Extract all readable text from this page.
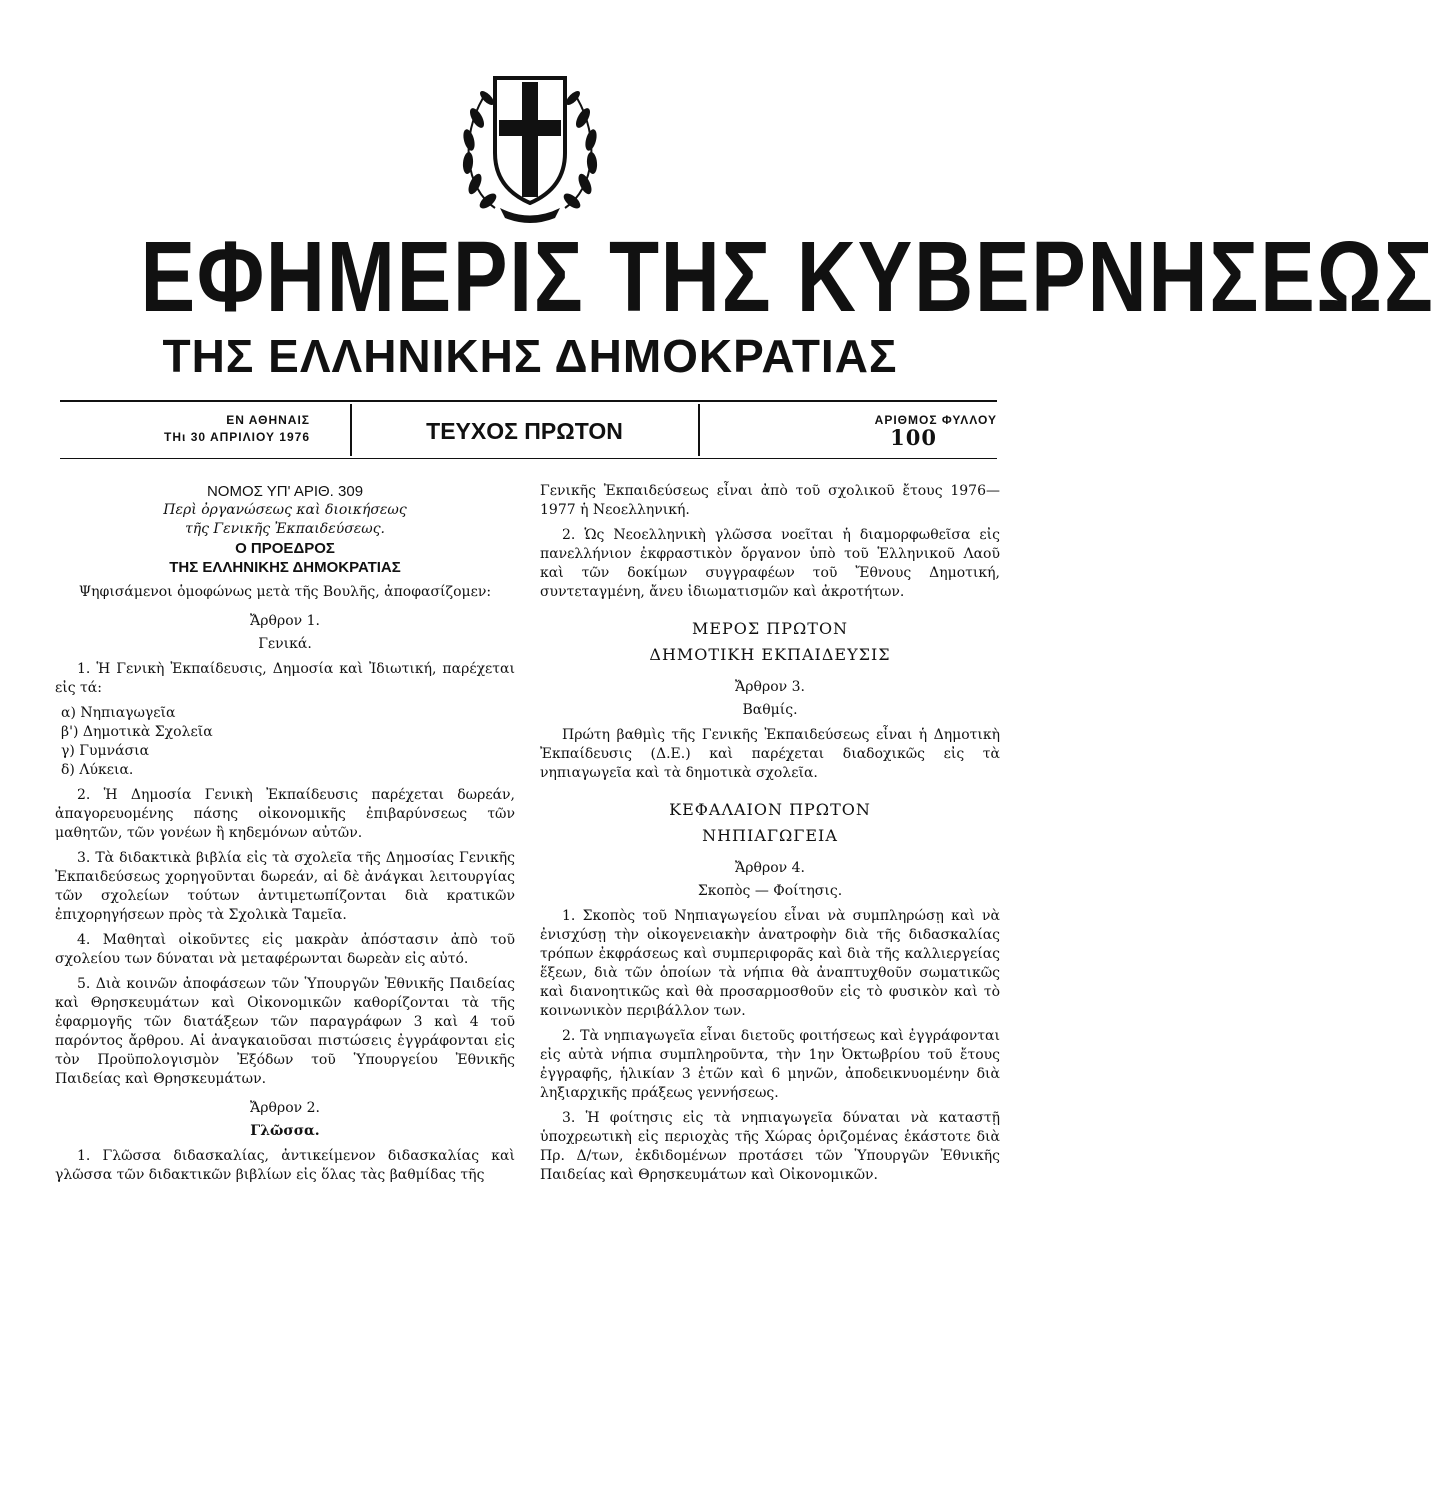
ΕΦΗΜΕΡΙΣ ΤΗΣ ΚΥΒΕΡΝΗΣΕΩΣ
ΤΗΣ ΕΛΛΗΝΙΚΗΣ ΔΗΜΟΚΡΑΤΙΑΣ
ΕΝ ΑΘΗΝΑΙΣ
ΤΗι 30 ΑΠΡΙΛΙΟΥ 1976	ΤΕΥΧΟΣ ΠΡΩΤΟΝ	ΑΡΙΘΜΟΣ ΦΥΛΛΟΥ
100

ΝΟΜΟΣ ΥΠ' ΑΡΙΘ. 309

Περὶ ὀργανώσεως καὶ διοικήσεως

τῆς Γενικῆς Ἐκπαιδεύσεως.

Ο ΠΡΟΕΔΡΟΣ

ΤΗΣ ΕΛΛΗΝΙΚΗΣ ΔΗΜΟΚΡΑΤΙΑΣ

Ψηφισάμενοι ὁμοφώνως μετὰ τῆς Βουλῆς, ἀποφασίζομεν:

Ἄρθρον 1.

Γενικά.

1. Ἡ Γενικὴ Ἐκπαίδευσις, Δημοσία καὶ Ἰδιωτική, παρέχεται εἰς τά:

α) Νηπιαγωγεῖα
β') Δημοτικὰ Σχολεῖα
γ) Γυμνάσια
δ) Λύκεια.

2. Ἡ Δημοσία Γενικὴ Ἐκπαίδευσις παρέχεται δωρεάν, ἀπαγορευομένης πάσης οἰκονομικῆς ἐπιβαρύνσεως τῶν μαθητῶν, τῶν γονέων ἢ κηδεμόνων αὐτῶν.

3. Τὰ διδακτικὰ βιβλία εἰς τὰ σχολεῖα τῆς Δημοσίας Γενικῆς Ἐκπαιδεύσεως χορηγοῦνται δωρεάν, αἱ δὲ ἀνάγκαι λειτουργίας τῶν σχολείων τούτων ἀντιμετωπίζονται διὰ κρατικῶν ἐπιχορηγήσεων πρὸς τὰ Σχολικὰ Ταμεῖα.

4. Μαθηταὶ οἰκοῦντες εἰς μακρὰν ἀπόστασιν ἀπὸ τοῦ σχολείου των δύναται νὰ μεταφέρωνται δωρεὰν εἰς αὐτό.

5. Διὰ κοινῶν ἀποφάσεων τῶν Ὑπουργῶν Ἐθνικῆς Παιδείας καὶ Θρησκευμάτων καὶ Οἰκονομικῶν καθορίζονται τὰ τῆς ἐφαρμογῆς τῶν διατάξεων τῶν παραγράφων 3 καὶ 4 τοῦ παρόντος ἄρθρου. Αἱ ἀναγκαιοῦσαι πιστώσεις ἐγγράφονται εἰς τὸν Προϋπολογισμὸν Ἐξόδων τοῦ Ὑπουργείου Ἐθνικῆς Παιδείας καὶ Θρησκευμάτων.

Ἄρθρον 2.

Γλῶσσα.

1. Γλῶσσα διδασκαλίας, ἀντικείμενον διδασκαλίας καὶ γλῶσσα τῶν διδακτικῶν βιβλίων εἰς ὅλας τὰς βαθμίδας τῆς

Γενικῆς Ἐκπαιδεύσεως εἶναι ἀπὸ τοῦ σχολικοῦ ἔτους 1976—1977 ἡ Νεοελληνική.

2. Ὡς Νεοελληνικὴ γλῶσσα νοεῖται ἡ διαμορφωθεῖσα εἰς πανελλήνιον ἐκφραστικὸν ὄργανον ὑπὸ τοῦ Ἑλληνικοῦ Λαοῦ καὶ τῶν δοκίμων συγγραφέων τοῦ Ἔθνους Δημοτική, συντεταγμένη, ἄνευ ἰδιωματισμῶν καὶ ἀκροτήτων.

ΜΕΡΟΣ ΠΡΩΤΟΝ

ΔΗΜΟΤΙΚΗ ΕΚΠΑΙΔΕΥΣΙΣ

Ἄρθρον 3.

Βαθμίς.

Πρώτη βαθμὶς τῆς Γενικῆς Ἐκπαιδεύσεως εἶναι ἡ Δημοτικὴ Ἐκπαίδευσις (Δ.Ε.) καὶ παρέχεται διαδοχικῶς εἰς τὰ νηπιαγωγεῖα καὶ τὰ δημοτικὰ σχολεῖα.

ΚΕΦΑΛΑΙΟΝ ΠΡΩΤΟΝ

ΝΗΠΙΑΓΩΓΕΙΑ

Ἄρθρον 4.

Σκοπὸς — Φοίτησις.

1. Σκοπὸς τοῦ Νηπιαγωγείου εἶναι νὰ συμπληρώσῃ καὶ νὰ ἐνισχύσῃ τὴν οἰκογενειακὴν ἀνατροφὴν διὰ τῆς διδασκαλίας τρόπων ἐκφράσεως καὶ συμπεριφορᾶς καὶ διὰ τῆς καλλιεργείας ἕξεων, διὰ τῶν ὁποίων τὰ νήπια θὰ ἀναπτυχθοῦν σωματικῶς καὶ διανοητικῶς καὶ θὰ προσαρμοσθοῦν εἰς τὸ φυσικὸν καὶ τὸ κοινωνικὸν περιβάλλον των.

2. Τὰ νηπιαγωγεῖα εἶναι διετοῦς φοιτήσεως καὶ ἐγγράφονται εἰς αὐτὰ νήπια συμπληροῦντα, τὴν 1ην Ὀκτωβρίου τοῦ ἔτους ἐγγραφῆς, ἡλικίαν 3 ἐτῶν καὶ 6 μηνῶν, ἀποδεικνυομένην διὰ ληξιαρχικῆς πράξεως γεννήσεως.

3. Ἡ φοίτησις εἰς τὰ νηπιαγωγεῖα δύναται νὰ καταστῇ ὑποχρεωτικὴ εἰς περιοχὰς τῆς Χώρας ὁριζομένας ἑκάστοτε διὰ Πρ. Δ/των, ἐκδιδομένων προτάσει τῶν Ὑπουργῶν Ἐθνικῆς Παιδείας καὶ Θρησκευμάτων καὶ Οἰκονομικῶν.
